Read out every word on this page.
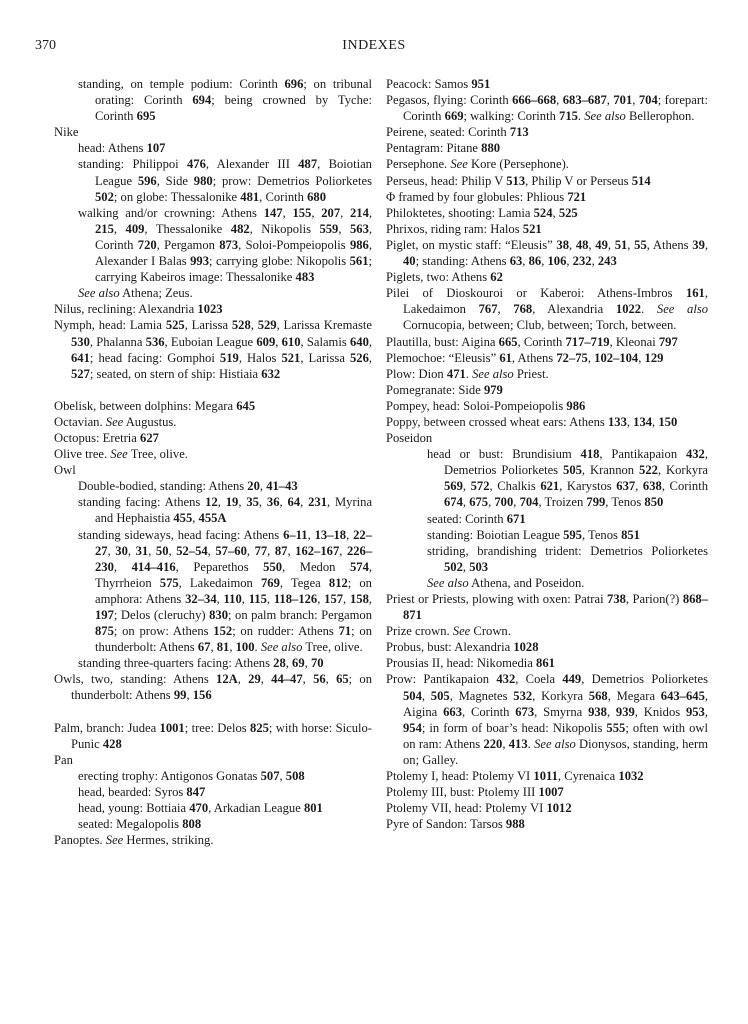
370	INDEXES
standing, on temple podium: Corinth 696; on tribunal orating: Corinth 694; being crowned by Tyche: Corinth 695
Nike
head: Athens 107
standing: Philippoi 476, Alexander III 487, Boiotian League 596, Side 980; prow: Demetrios Poliorketes 502; on globe: Thessalonike 481, Corinth 680
walking and/or crowning: Athens 147, 155, 207, 214, 215, 409, Thessalonike 482, Nikopolis 559, 563, Corinth 720, Pergamon 873, Soloi-Pompeiopolis 986, Alexander I Balas 993; carrying globe: Nikopolis 561; carrying Kabeiros image: Thessalonike 483
See also Athena; Zeus.
Nilus, reclining: Alexandria 1023
Nymph, head: Lamia 525, Larissa 528, 529, Larissa Kremaste 530, Phalanna 536, Euboian League 609, 610, Salamis 640, 641; head facing: Gomphoi 519, Halos 521, Larissa 526, 527; seated, on stern of ship: Histiaia 632
Obelisk, between dolphins: Megara 645
Octavian. See Augustus.
Octopus: Eretria 627
Olive tree. See Tree, olive.
Owl
Double-bodied, standing: Athens 20, 41–43
standing facing: Athens 12, 19, 35, 36, 64, 231, Myrina and Hephaistia 455, 455A
standing sideways, head facing: Athens 6–11, 13–18, 22–27, 30, 31, 50, 52–54, 57–60, 77, 87, 162–167, 226–230, 414–416, Peparethos 550, Medon 574, Thyrrheion 575, Lakedaimon 769, Tegea 812; on amphora: Athens 32–34, 110, 115, 118–126, 157, 158, 197; Delos (cleruchy) 830; on palm branch: Pergamon 875; on prow: Athens 152; on rudder: Athens 71; on thunderbolt: Athens 67, 81, 100. See also Tree, olive.
standing three-quarters facing: Athens 28, 69, 70
Owls, two, standing: Athens 12A, 29, 44–47, 56, 65; on thunderbolt: Athens 99, 156
Palm, branch: Judea 1001; tree: Delos 825; with horse: Siculo-Punic 428
Pan
erecting trophy: Antigonos Gonatas 507, 508
head, bearded: Syros 847
head, young: Bottiaia 470, Arkadian League 801
seated: Megalopolis 808
Panoptes. See Hermes, striking.
Peacock: Samos 951
Pegasos, flying: Corinth 666–668, 683–687, 701, 704; forepart: Corinth 669; walking: Corinth 715. See also Bellerophon.
Peirene, seated: Corinth 713
Pentagram: Pitane 880
Persephone. See Kore (Persephone).
Perseus, head: Philip V 513, Philip V or Perseus 514
Φ framed by four globules: Phlious 721
Philoktetes, shooting: Lamia 524, 525
Phrixos, riding ram: Halos 521
Piglet, on mystic staff: “Eleusis” 38, 48, 49, 51, 55, Athens 39, 40; standing: Athens 63, 86, 106, 232, 243
Piglets, two: Athens 62
Pilei of Dioskouroi or Kaberoi: Athens-Imbros 161, Lakedaimon 767, 768, Alexandria 1022. See also Cornucopia, between; Club, between; Torch, between.
Plautilla, bust: Aigina 665, Corinth 717–719, Kleonai 797
Plemochoe: “Eleusis” 61, Athens 72–75, 102–104, 129
Plow: Dion 471. See also Priest.
Pomegranate: Side 979
Pompey, head: Soloi-Pompeiopolis 986
Poppy, between crossed wheat ears: Athens 133, 134, 150
Poseidon
head or bust: Brundisium 418, Pantikapaion 432, Demetrios Poliorketes 505, Krannon 522, Korkyra 569, 572, Chalkis 621, Karystos 637, 638, Corinth 674, 675, 700, 704, Troizen 799, Tenos 850
seated: Corinth 671
standing: Boiotian League 595, Tenos 851
striding, brandishing trident: Demetrios Poliorketes 502, 503
See also Athena, and Poseidon.
Priest or Priests, plowing with oxen: Patrai 738, Parion(?) 868–871
Prize crown. See Crown.
Probus, bust: Alexandria 1028
Prousias II, head: Nikomedia 861
Prow: Pantikapaion 432, Coela 449, Demetrios Poliorketes 504, 505, Magnetes 532, Korkyra 568, Megara 643–645, Aigina 663, Corinth 673, Smyrna 938, 939, Knidos 953, 954; in form of boar’s head: Nikopolis 555; often with owl on ram: Athens 220, 413. See also Dionysos, standing, herm on; Galley.
Ptolemy I, head: Ptolemy VI 1011, Cyrenaica 1032
Ptolemy III, bust: Ptolemy III 1007
Ptolemy VII, head: Ptolemy VI 1012
Pyre of Sandon: Tarsos 988
